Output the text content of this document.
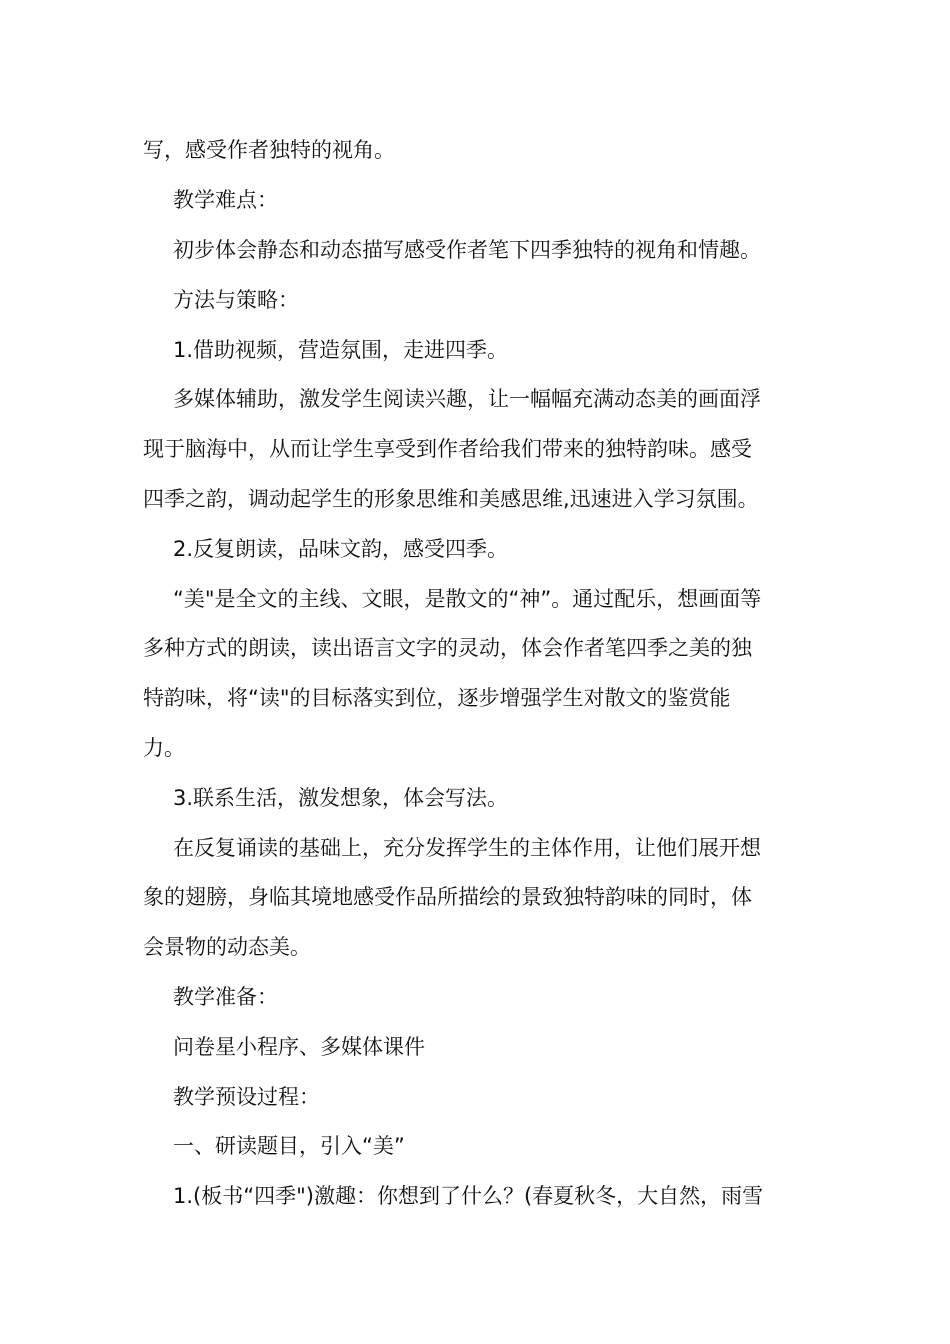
写，感受作者独特的视角。
教学难点：
初步体会静态和动态描写感受作者笔下四季独特的视角和情趣。
方法与策略：
1.借助视频，营造氛围，走进四季。
多媒体辅助，激发学生阅读兴趣，让一幅幅充满动态美的画面浮
现于脑海中，从而让学生享受到作者给我们带来的独特韵味。感受
四季之韵，调动起学生的形象思维和美感思维,迅速进入学习氛围。
2.反复朗读，品味文韵，感受四季。
“美"是全文的主线、文眼，是散文的“神”。通过配乐，想画面等
多种方式的朗读，读出语言文字的灵动，体会作者笔四季之美的独
特韵味，将“读"的目标落实到位，逐步增强学生对散文的鉴赏能
力。
3.联系生活，激发想象，体会写法。
在反复诵读的基础上，充分发挥学生的主体作用，让他们展开想
象的翅膀，身临其境地感受作品所描绘的景致独特韵味的同时，体
会景物的动态美。
教学准备：
问卷星小程序、多媒体课件
教学预设过程：
一、研读题目，引入“美”
1.(板书“四季")激趣：你想到了什么？(春夏秋冬，大自然，雨雪
